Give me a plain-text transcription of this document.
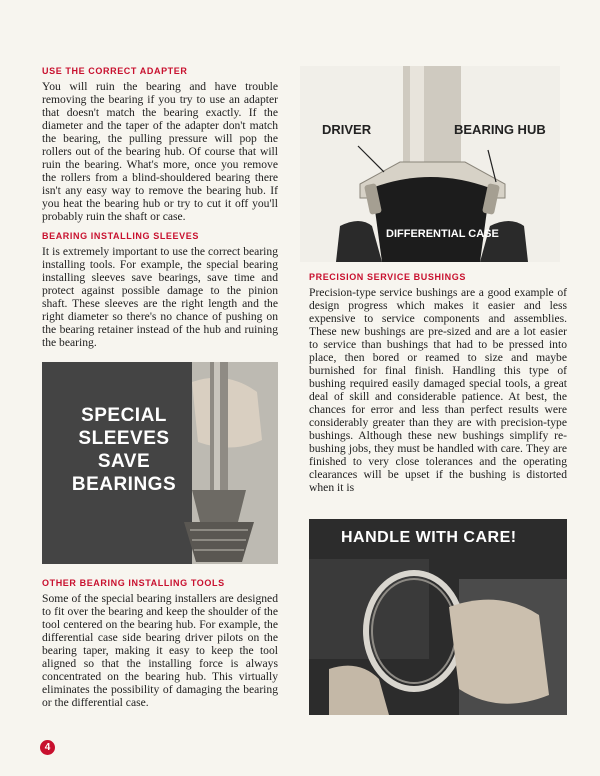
USE THE CORRECT ADAPTER

You will ruin the bearing and have trouble removing the bearing if you try to use an adapter that doesn't match the bearing exactly. If the diameter and the taper of the adapter don't match the bearing, the pulling pressure will pop the rollers out of the bearing hub. Of course that will ruin the bearing. What's more, once you remove the rollers from a blind-shouldered bearing there isn't any easy way to remove the bearing hub. If you heat the bearing hub or try to cut it off you'll probably ruin the shaft or case.

BEARING INSTALLING SLEEVES

It is extremely important to use the correct bearing installing tools. For example, the special bearing installing sleeves save bearings, save time and protect against possible damage to the pinion shaft. These sleeves are the right length and the right diameter so there's no chance of pushing on the bearing retainer instead of the hub and ruining the bearing.

OTHER BEARING INSTALLING TOOLS

Some of the special bearing installers are designed to fit over the bearing and keep the shoulder of the tool centered on the bearing hub. For example, the differential case side bearing driver pilots on the bearing taper, making it easy to keep the tool aligned so that the installing force is always concentrated on the bearing hub. This virtually eliminates the possibility of damaging the bearing or the differential case.

PRECISION SERVICE BUSHINGS

Precision-type service bushings are a good example of design progress which makes it easier and less expensive to service components and assemblies. These new bushings are pre-sized and are a lot easier to service than bushings that had to be pressed into place, then bored or reamed to size and maybe burnished for final finish. Handling this type of bushing required easily damaged special tools, a great deal of skill and considerable patience. At best, the chances for error and less than perfect results were considerably greater than they are with precision-type bushings. Although these new bushings simplify re-bushing jobs, they must be handled with care. They are finished to very close tolerances and the operating clearances will be upset if the bushing is distorted when it is

DRIVER	BEARING HUB
DIFFERENTIAL CASE
SPECIAL
SLEEVES
SAVE
BEARINGS
HANDLE WITH CARE!
4
